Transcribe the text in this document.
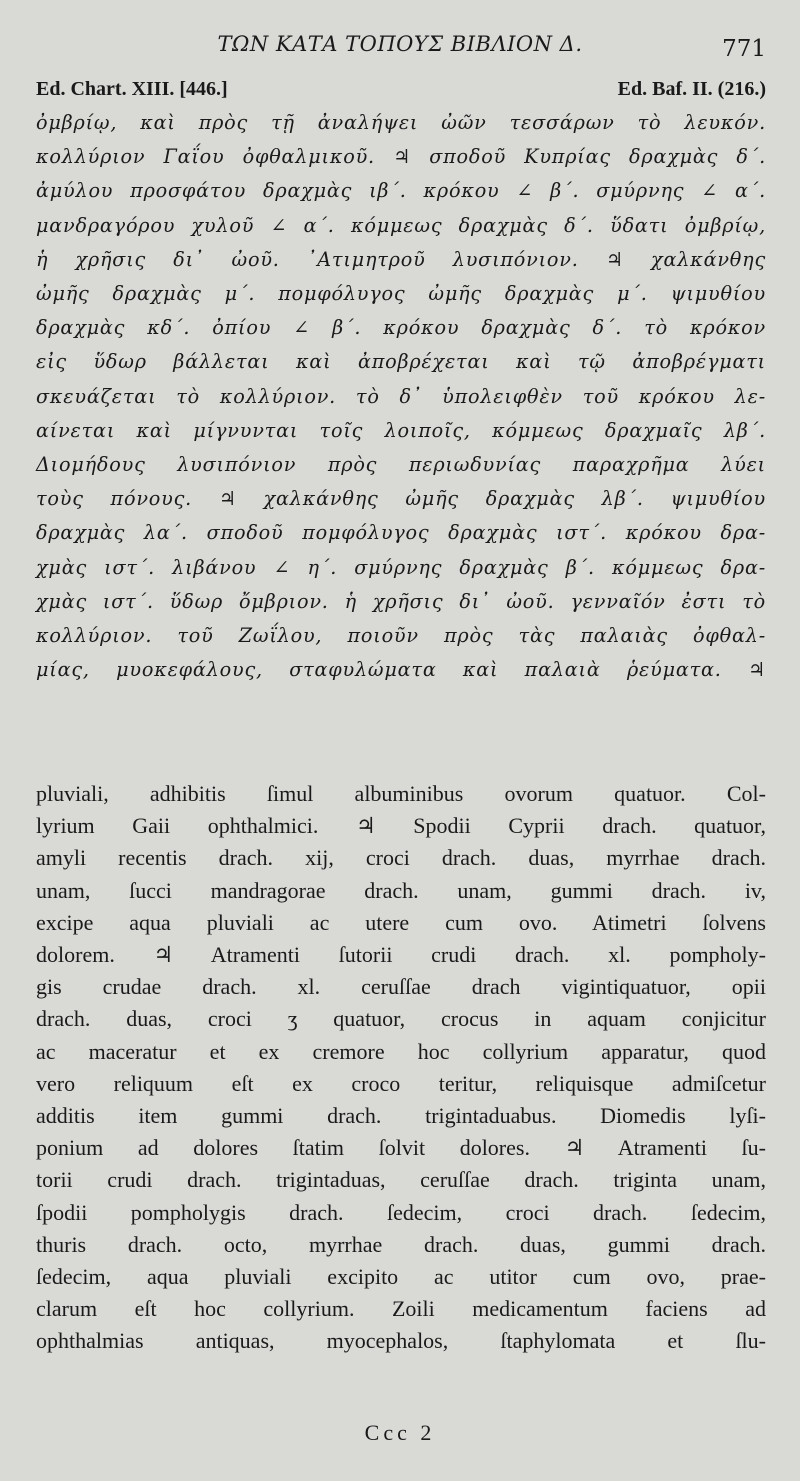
ΤΩΝ ΚΑΤΑ ΤΟΠΟΥΣ ΒΙΒΛΙΟΝ Δ.	771
Ed. Chart. XIII. [446.]	Ed. Baf. II. (216.)
ὀμβρίῳ, καὶ πρὸς τῇ ἀναλήψει ὠῶν τεσσάρων τὸ λευκόν.
κολλύριον Γαΐου ὀφθαλμικοῦ. ♃ σποδοῦ Κυπρίας δραχμὰς δ΄.
ἀμύλου προσφάτου δραχμὰς ιβ΄. κρόκου ∠ β΄. σμύρνης ∠ α΄.
μανδραγόρου χυλοῦ ∠ α΄. κόμμεως δραχμὰς δ΄. ὕδατι ὀμβρίῳ,
ἡ χρῆσις δι᾿ ὠοῦ. ᾿Ατιμητροῦ λυσιπόνιον. ♃ χαλκάνθης
ὠμῆς δραχμὰς μ΄. πομφόλυγος ὠμῆς δραχμὰς μ΄. ψιμυθίου
δραχμὰς κδ΄. ὀπίου ∠ β΄. κρόκου δραχμὰς δ΄. τὸ κρόκον
εἰς ὕδωρ βάλλεται καὶ ἀποβρέχεται καὶ τῷ ἀποβρέγματι
σκευάζεται τὸ κολλύριον. τὸ δ᾿ ὑπολειφθὲν τοῦ κρόκου λε-
αίνεται καὶ μίγνυνται τοῖς λοιποῖς, κόμμεως δραχμαῖς λβ΄.
Διομήδους λυσιπόνιον πρὸς περιωδυνίας παραχρῆμα λύει
τοὺς πόνους. ♃ χαλκάνθης ὠμῆς δραχμὰς λβ΄. ψιμυθίου
δραχμὰς λα΄. σποδοῦ πομφόλυγος δραχμὰς ιστ΄. κρόκου δρα-
χμὰς ιστ΄. λιβάνου ∠ η΄. σμύρνης δραχμὰς β΄. κόμμεως δρα-
χμὰς ιστ΄. ὕδωρ ὄμβριον. ἡ χρῆσις δι᾿ ὠοῦ. γενναῖόν ἐστι τὸ
κολλύριον. τοῦ Ζωΐλου, ποιοῦν πρὸς τὰς παλαιὰς ὀφθαλ-
μίας, μυοκεφάλους, σταφυλώματα καὶ παλαιὰ ῥεύματα. ♃
pluviali, adhibitis ſimul albuminibus ovorum quatuor. Col-
lyrium Gaii ophthalmici. ♃ Spodii Cyprii drach. quatuor,
amyli recentis drach. xij, croci drach. duas, myrrhae drach.
unam, ſucci mandragorae drach. unam, gummi drach. iv,
excipe aqua pluviali ac utere cum ovo. Atimetri ſolvens
dolorem. ♃ Atramenti ſutorii crudi drach. xl. pompholy-
gis crudae drach. xl. ceruſſae drach vigintiquatuor, opii
drach. duas, croci ʒ quatuor, crocus in aquam conjicitur
ac maceratur et ex cremore hoc collyrium apparatur, quod
vero reliquum eſt ex croco teritur, reliquisque admiſcetur
additis item gummi drach. trigintaduabus. Diomedis lyſi-
ponium ad dolores ſtatim ſolvit dolores. ♃ Atramenti ſu-
torii crudi drach. trigintaduas, ceruſſae drach. triginta unam,
ſpodii pompholygis drach. ſedecim, croci drach. ſedecim,
thuris drach. octo, myrrhae drach. duas, gummi drach.
ſedecim, aqua pluviali excipito ac utitor cum ovo, prae-
clarum eſt hoc collyrium. Zoili medicamentum faciens ad
ophthalmias antiquas, myocephalos, ſtaphylomata et ſlu-
Ccc 2
